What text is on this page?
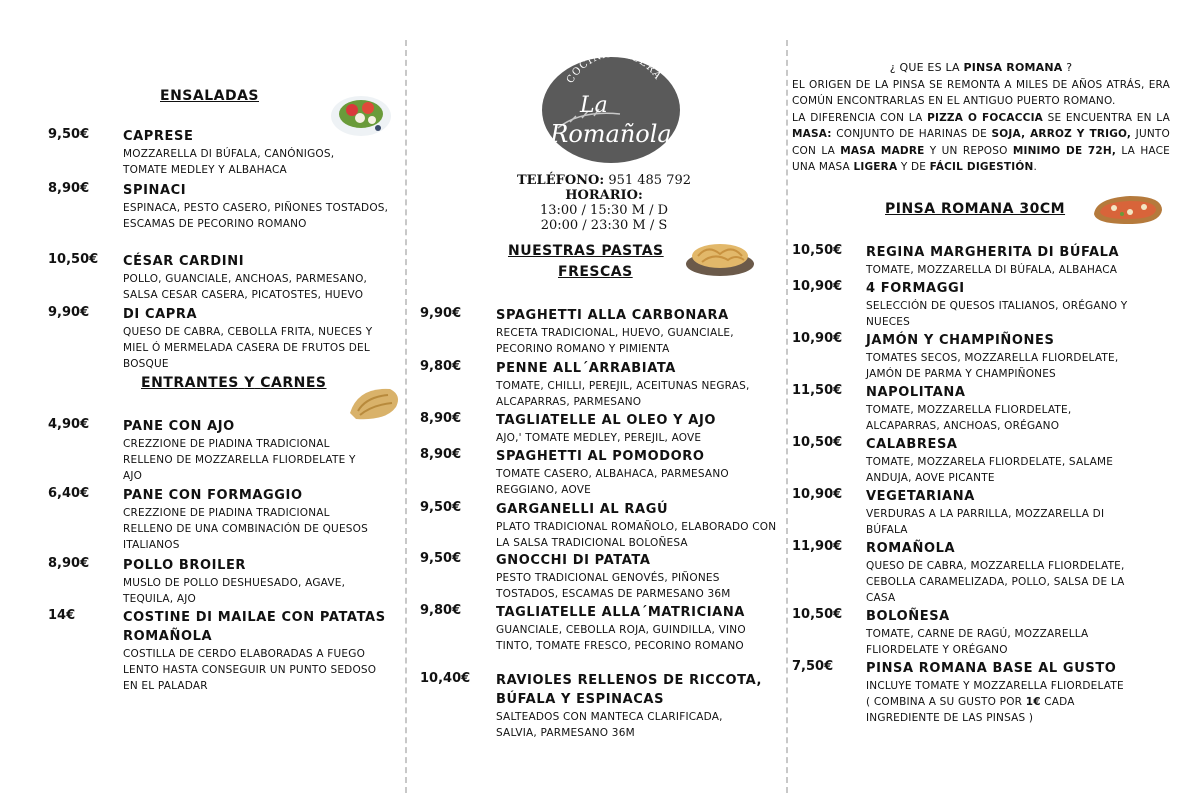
ENSALADAS
9,50€	CAPRESE
MOZZARELLA DI BÚFALA, CANÓNIGOS, TOMATE MEDLEY Y ALBAHACA
8,90€	SPINACI
ESPINACA, PESTO CASERO, PIÑONES TOSTADOS, ESCAMAS DE PECORINO ROMANO
10,50€ CÉSAR CARDINI
POLLO, GUANCIALE, ANCHOAS, PARMESANO, SALSA CESAR CASERA, PICATOSTES, HUEVO
9,90€	DI CAPRA
QUESO DE CABRA, CEBOLLA FRITA, NUECES Y MIEL Ó MERMELADA CASERA DE FRUTOS DEL BOSQUE
ENTRANTES Y CARNES
4,90€	PANE CON AJO
CREZZIONE DE PIADINA TRADICIONAL RELLENO DE MOZZARELLA FLIORDELATE Y AJO
6,40€	PANE CON FORMAGGIO
CREZZIONE DE PIADINA TRADICIONAL RELLENO DE UNA COMBINACIÓN DE QUESOS ITALIANOS
8,90€	POLLO BROILER
MUSLO DE POLLO DESHUESADO, AGAVE, TEQUILA, AJO
14€	COSTINE DI MAILAE CON PATATAS ROMAÑOLA
COSTILLA DE CERDO ELABORADAS A FUEGO LENTO HASTA CONSEGUIR UN PUNTO SEDOSO EN EL PALADAR
COCINA CASERA
La
Romañola
TELÉFONO: 951 485 792
HORARIO:
13:00 / 15:30 M / D
20:00 / 23:30 M / S
NUESTRAS PASTAS
FRESCAS
9,90€	SPAGHETTI ALLA CARBONARA
RECETA TRADICIONAL, HUEVO, GUANCIALE, PECORINO ROMANO Y PIMIENTA
9,80€	PENNE ALL´ARRABIATA
TOMATE, CHILLI, PEREJIL, ACEITUNAS NEGRAS, ALCAPARRAS, PARMESANO
8,90€	TAGLIATELLE AL OLEO Y AJO
AJO,' TOMATE MEDLEY, PEREJIL, AOVE
8,90€	SPAGHETTI AL POMODORO
TOMATE CASERO, ALBAHACA, PARMESANO REGGIANO, AOVE
9,50€	GARGANELLI AL RAGÚ
PLATO TRADICIONAL ROMAÑOLO, ELABORADO CON LA SALSA TRADICIONAL BOLOÑESA
9,50€	GNOCCHI DI PATATA
PESTO TRADICIONAL GENOVÉS, PIÑONES TOSTADOS, ESCAMAS DE PARMESANO 36M
9,80€	TAGLIATELLE ALLA´MATRICIANA
GUANCIALE, CEBOLLA ROJA, GUINDILLA, VINO TINTO, TOMATE FRESCO, PECORINO ROMANO
10,40€ RAVIOLES RELLENOS DE RICCOTA, BÚFALA Y ESPINACAS
SALTEADOS CON MANTECA CLARIFICADA, SALVIA, PARMESANO 36M
¿ QUE ES LA PINSA ROMANA ?
EL ORIGEN DE LA PINSA SE REMONTA A MILES DE AÑOS ATRÁS, ERA COMÚN ENCONTRARLAS EN EL ANTIGUO PUERTO ROMANO.
LA DIFERENCIA CON LA PIZZA O FOCACCIA SE ENCUENTRA EN LA MASA: CONJUNTO DE HARINAS DE SOJA, ARROZ Y TRIGO, JUNTO CON LA MASA MADRE Y UN REPOSO MINIMO DE 72H, LA HACE UNA MASA LIGERA Y DE FÁCIL DIGESTIÓN.
PINSA ROMANA 30CM
10,50€ REGINA MARGHERITA DI BÚFALA
TOMATE, MOZZARELLA DI BÚFALA, ALBAHACA
10,90€ 4 FORMAGGI
SELECCIÓN DE QUESOS ITALIANOS, ORÉGANO Y NUECES
10,90€ JAMÓN Y CHAMPIÑONES
TOMATES SECOS, MOZZARELLA FLIORDELATE, JAMÓN DE PARMA Y CHAMPIÑONES
11,50€ NAPOLITANA
TOMATE, MOZZARELLA FLIORDELATE, ALCAPARRAS, ANCHOAS, ORÉGANO
10,50€ CALABRESA
TOMATE, MOZZARELA FLIORDELATE, SALAME ANDUJA, AOVE PICANTE
10,90€ VEGETARIANA
VERDURAS A LA PARRILLA, MOZZARELLA DI BÚFALA
11,90€ ROMAÑOLA
QUESO DE CABRA, MOZZARELLA FLIORDELATE, CEBOLLA CARAMELIZADA, POLLO, SALSA DE LA CASA
10,50€ BOLOÑESA
TOMATE, CARNE DE RAGÚ, MOZZARELLA FLIORDELATE Y ORÉGANO
7,50€	PINSA ROMANA BASE AL GUSTO
INCLUYE TOMATE Y MOZZARELLA FLIORDELATE
( COMBINA A SU GUSTO POR 1€ CADA INGREDIENTE DE LAS PINSAS )
